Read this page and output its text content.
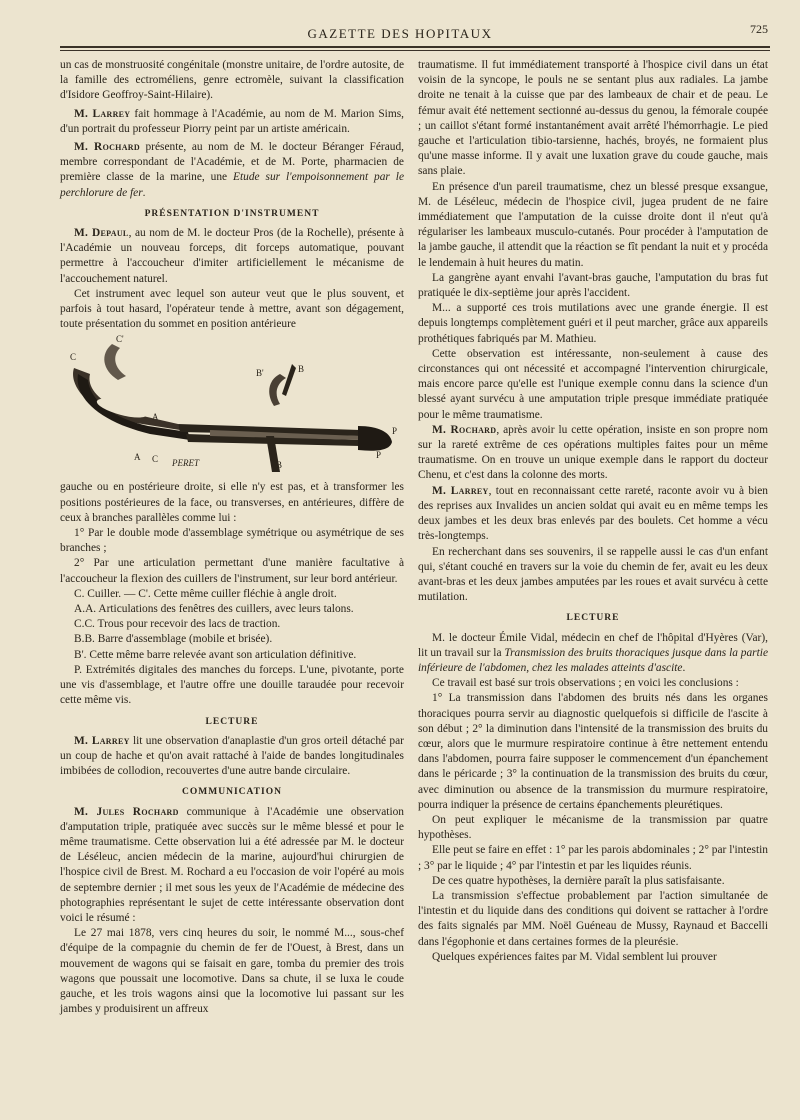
GAZETTE DES HOPITAUX	725

un cas de monstruosité congénitale (monstre unitaire, de l'ordre autosite, de la famille des ectroméliens, genre ectromèle, suivant la classification d'Isidore Geoffroy-Saint-Hilaire).

M. Larrey fait hommage à l'Académie, au nom de M. Marion Sims, d'un portrait du professeur Piorry peint par un artiste américain.

M. Rochard présente, au nom de M. le docteur Béranger Féraud, membre correspondant de l'Académie, et de M. Porte, pharmacien de première classe de la marine, une Etude sur l'empoisonnement par le perchlorure de fer.

PRÉSENTATION D'INSTRUMENT

M. Depaul, au nom de M. le docteur Pros (de la Rochelle), présente à l'Académie un nouveau forceps, dit forceps automatique, pouvant permettre à l'accoucheur d'imiter artificiellement le mécanisme de l'accouchement naturel.

Cet instrument avec lequel son auteur veut que le plus souvent, et parfois à tout hasard, l'opérateur tende à mettre, avant son dégagement, toute présentation du sommet en position antérieure

PERET
C'
C
B'	B
A
A C
B
P
P

gauche ou en postérieure droite, si elle n'y est pas, et à transformer les positions postérieures de la face, ou transverses, en antérieures, diffère de ceux à branches parallèles comme lui :

1° Par le double mode d'assemblage symétrique ou asymétrique de ses branches ;

2° Par une articulation permettant d'une manière facultative à l'accoucheur la flexion des cuillers de l'instrument, sur leur bord antérieur.

C. Cuiller. — C'. Cette même cuiller fléchie à angle droit.

A.A. Articulations des fenêtres des cuillers, avec leurs talons.

C.C. Trous pour recevoir des lacs de traction.

B.B. Barre d'assemblage (mobile et brisée).

B'. Cette même barre relevée avant son articulation définitive.

P. Extrémités digitales des manches du forceps. L'une, pivotante, porte une vis d'assemblage, et l'autre offre une douille taraudée pour recevoir cette même vis.

LECTURE

M. Larrey lit une observation d'anaplastie d'un gros orteil détaché par un coup de hache et qu'on avait rattaché à l'aide de bandes longitudinales imbibées de collodion, recouvertes d'une autre bande circulaire.

COMMUNICATION

M. Jules Rochard communique à l'Académie une observation d'amputation triple, pratiquée avec succès sur le même blessé et pour le même traumatisme. Cette observation lui a été adressée par M. le docteur de Léséleuc, ancien médecin de la marine, aujourd'hui chirurgien de l'hospice civil de Brest. M. Rochard a eu l'occasion de voir l'opéré au mois de septembre dernier ; il met sous les yeux de l'Académie de médecine des photographies représentant le sujet de cette intéressante observation dont voici le résumé :

Le 27 mai 1878, vers cinq heures du soir, le nommé M..., sous-chef d'équipe de la compagnie du chemin de fer de l'Ouest, à Brest, dans un mouvement de wagons qui se faisait en gare, tomba du premier des trois wagons que poussait une locomotive. Dans sa chute, il se luxa le coude gauche, et les trois wagons ainsi que la locomotive lui passant sur les jambes y produisirent un affreux

traumatisme. Il fut immédiatement transporté à l'hospice civil dans un état voisin de la syncope, le pouls ne se sentant plus aux radiales. La jambe droite ne tenait à la cuisse que par des lambeaux de chair et de peau. Le fémur avait été nettement sectionné au-dessus du genou, la fémorale coupée ; un caillot s'étant formé instantanément avait arrêté l'hémorrhagie. Le pied gauche et l'articulation tibio-tarsienne, hachés, broyés, ne formaient plus qu'une masse informe. Il y avait une luxation grave du coude gauche, mais sans plaie.

En présence d'un pareil traumatisme, chez un blessé presque exsangue, M. de Léséleuc, médecin de l'hospice civil, jugea prudent de ne faire immédiatement que l'amputation de la cuisse droite dont il n'eut qu'à régulariser les lambeaux musculo-cutanés. Pour procéder à l'amputation de la jambe gauche, il attendit que la réaction se fît pendant la nuit et y procéda le lendemain à huit heures du matin.

La gangrène ayant envahi l'avant-bras gauche, l'amputation du bras fut pratiquée le dix-septième jour après l'accident.

M... a supporté ces trois mutilations avec une grande énergie. Il est depuis longtemps complètement guéri et il peut marcher, grâce aux appareils prothétiques fabriqués par M. Mathieu.

Cette observation est intéressante, non-seulement à cause des circonstances qui ont nécessité et accompagné l'intervention chirurgicale, mais encore parce qu'elle est l'unique exemple connu dans la science d'un blessé ayant survécu à une amputation triple presque immédiate pratiquée pour le même traumatisme.

M. Rochard, après avoir lu cette opération, insiste en son propre nom sur la rareté extrême de ces opérations multiples faites pour un même traumatisme. On en trouve un unique exemple dans le rapport du docteur Chenu, et c'est dans la colonne des morts.

M. Larrey, tout en reconnaissant cette rareté, raconte avoir vu à bien des reprises aux Invalides un ancien soldat qui avait eu en même temps les deux jambes et les deux bras enlevés par des boulets. Cet homme a vécu très-longtemps.

En recherchant dans ses souvenirs, il se rappelle aussi le cas d'un enfant qui, s'étant couché en travers sur la voie du chemin de fer, avait eu les deux avant-bras et les deux jambes amputées par les roues et avait survécu à cette mutilation.

LECTURE

M. le docteur Émile Vidal, médecin en chef de l'hôpital d'Hyères (Var), lit un travail sur la Transmission des bruits thoraciques jusque dans la partie inférieure de l'abdomen, chez les malades atteints d'ascite.

Ce travail est basé sur trois observations ; en voici les conclusions :

1° La transmission dans l'abdomen des bruits nés dans les organes thoraciques pourra servir au diagnostic quelquefois si difficile de l'ascite à son début ; 2° la diminution dans l'intensité de la transmission des bruits du cœur, alors que le murmure respiratoire continue à être nettement entendu dans l'abdomen, pourra faire supposer le commencement d'un épanchement dans le péricarde ; 3° la continuation de la transmission des bruits du cœur, avec diminution ou absence de la transmission du murmure respiratoire, pourra indiquer la présence de certains épanchements pleurétiques.

On peut expliquer le mécanisme de la transmission par quatre hypothèses.

Elle peut se faire en effet : 1° par les parois abdominales ; 2° par l'intestin ; 3° par le liquide ; 4° par l'intestin et par les liquides réunis.

De ces quatre hypothèses, la dernière paraît la plus satisfaisante.

La transmission s'effectue probablement par l'action simultanée de l'intestin et du liquide dans des conditions qui doivent se rattacher à l'ordre des faits signalés par MM. Noël Guéneau de Mussy, Raynaud et Baccelli dans l'égophonie et dans certaines formes de la pleurésie.

Quelques expériences faites par M. Vidal semblent lui prouver
